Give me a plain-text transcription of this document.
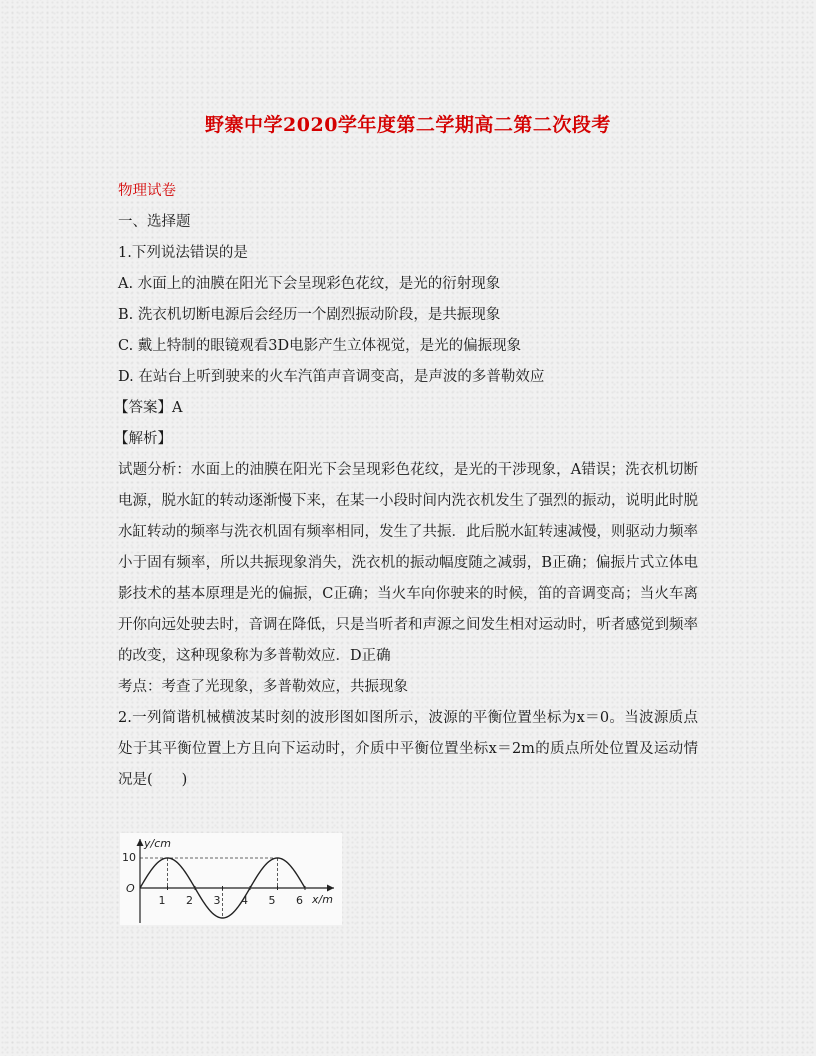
野寨中学2020学年度第二学期高二第二次段考
物理试卷
一、选择题
1.下列说法错误的是
A. 水面上的油膜在阳光下会呈现彩色花纹，是光的衍射现象
B. 洗衣机切断电源后会经历一个剧烈振动阶段，是共振现象
C. 戴上特制的眼镜观看3D电影产生立体视觉，是光的偏振现象
D. 在站台上听到驶来的火车汽笛声音调变高，是声波的多普勒效应
【答案】A
【解析】
试题分析：水面上的油膜在阳光下会呈现彩色花纹，是光的干涉现象，A错误；洗衣机切断电源，脱水缸的转动逐渐慢下来，在某一小段时间内洗衣机发生了强烈的振动，说明此时脱水缸转动的频率与洗衣机固有频率相同，发生了共振．此后脱水缸转速减慢，则驱动力频率小于固有频率，所以共振现象消失，洗衣机的振动幅度随之减弱，B正确；偏振片式立体电影技术的基本原理是光的偏振，C正确；当火车向你驶来的时候，笛的音调变高；当火车离开你向远处驶去时，音调在降低，只是当听者和声源之间发生相对运动时，听者感觉到频率的改变，这种现象称为多普勒效应．D正确
考点：考查了光现象，多普勒效应，共振现象
2.一列简谐机械横波某时刻的波形图如图所示，波源的平衡位置坐标为x＝0。当波源质点处于其平衡位置上方且向下运动时，介质中平衡位置坐标x＝2m的质点所处位置及运动情况是(　　)
y/cm
x/m
O
10
1 2 3 4 5 6
